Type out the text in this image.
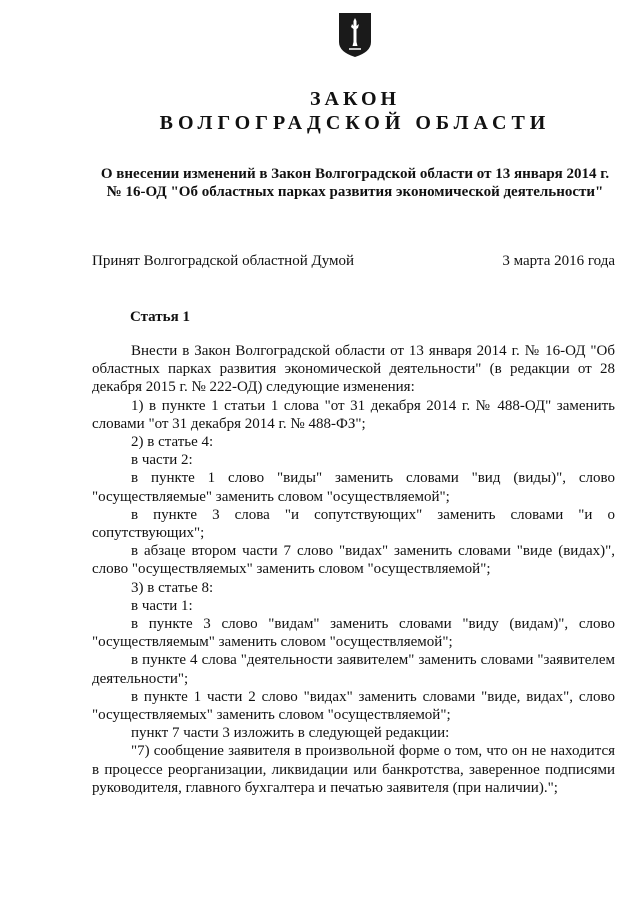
ЗАКОН
ВОЛГОГРАДСКОЙ ОБЛАСТИ
О внесении изменений в Закон Волгоградской области от 13 января 2014 г.
№ 16-ОД "Об областных парках развития экономической деятельности"
Принят Волгоградской областной Думой	3 марта 2016 года
Статья 1

Внести в Закон Волгоградской области от 13 января 2014 г. № 16-ОД "Об областных парках развития экономической деятельности" (в редакции от 28 декабря 2015 г. № 222-ОД) следующие изменения:

1) в пункте 1 статьи 1 слова "от 31 декабря 2014 г. № 488-ОД" заменить словами "от 31 декабря 2014 г. № 488-ФЗ";

2) в статье 4:

в части 2:

в пункте 1 слово "виды" заменить словами "вид (виды)", слово "осуществляемые" заменить словом "осуществляемой";

в пункте 3 слова "и сопутствующих" заменить словами "и о сопутствующих";

в абзаце втором части 7 слово "видах" заменить словами "виде (видах)", слово "осуществляемых" заменить словом "осуществляемой";

3) в статье 8:

в части 1:

в пункте 3 слово "видам" заменить словами "виду (видам)", слово "осуществляемым" заменить словом "осуществляемой";

в пункте 4 слова "деятельности заявителем" заменить словами "заявителем деятельности";

в пункте 1 части 2 слово "видах" заменить словами "виде, видах", слово "осуществляемых" заменить словом "осуществляемой";

пункт 7 части 3 изложить в следующей редакции:

"7) сообщение заявителя в произвольной форме о том, что он не находится в процессе реорганизации, ликвидации или банкротства, заверенное подписями руководителя, главного бухгалтера и печатью заявителя (при наличии).";
